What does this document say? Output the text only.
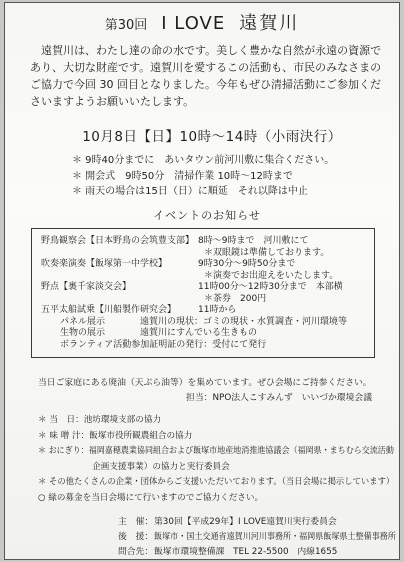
第30回 I LOVE 遠賀川
遠賀川は、わたし達の命の水です。美しく豊かな自然が永遠の資源で
あり、大切な財産です。遠賀川を愛するこの活動も、市民のみなさまの
ご協力で今回 30 回目となりました。今年もぜひ清掃活動にご参加くだ
さいますようお願いいたします。
10月8日【日】10時～14時（小雨決行）
＊ 9時40分までに　あいタウン前河川敷に集合ください。
＊ 開会式　9時50分　清掃作業 10時～12時まで
＊ 雨天の場合は15日（日）に順延　それ以降は中止
イベントのお知らせ
野鳥観察会【日本野鳥の会筑豊支部】 8時～9時まで　河川敷にて
＊双眼鏡は準備しております。
吹奏楽演奏【飯塚第一中学校】	9時30分～9時50分まで
＊演奏でお出迎えをいたします。
野点【裏千家淡交会】	11時00分～12時30分まで　本部横
＊茶券　200円
五平太船試乗【川船製作研究会】	11時から
パネル展示	遠賀川の現状：ゴミの現状・水質調査・河川環境等
生物の展示	遠賀川にすんでいる生きもの
ボランティア活動参加証明証の発行：受付にて発行
当日ご家庭にある廃油（天ぷら油等）を集めています。ぜひ会場にご持参ください。
担当：NPO法人こすみんず　いいづか環境会議
＊ 当　日：池坊環境支部の協力
＊ 味 噌 汁：飯塚市役所観農組合の協力
＊ おにぎり：福岡嘉穂農業協同組合および飯塚市地産地消推進協議会（福岡県・まちむら交流活動
企画支援事業）の協力と実行委員会
＊ その他たくさんの企業・団体からご支援いただいております。（当日会場に掲示しています）
○ 緑の募金を当日会場にて行いますのでご協力ください。
主　催： 第30回【平成29年】I LOVE遠賀川実行委員会
後　援： 飯塚市・国土交通省遠賀川河川事務所・福岡県飯塚県土整備事務所
問合先： 飯塚市環境整備課　TEL 22-5500　内線1655
